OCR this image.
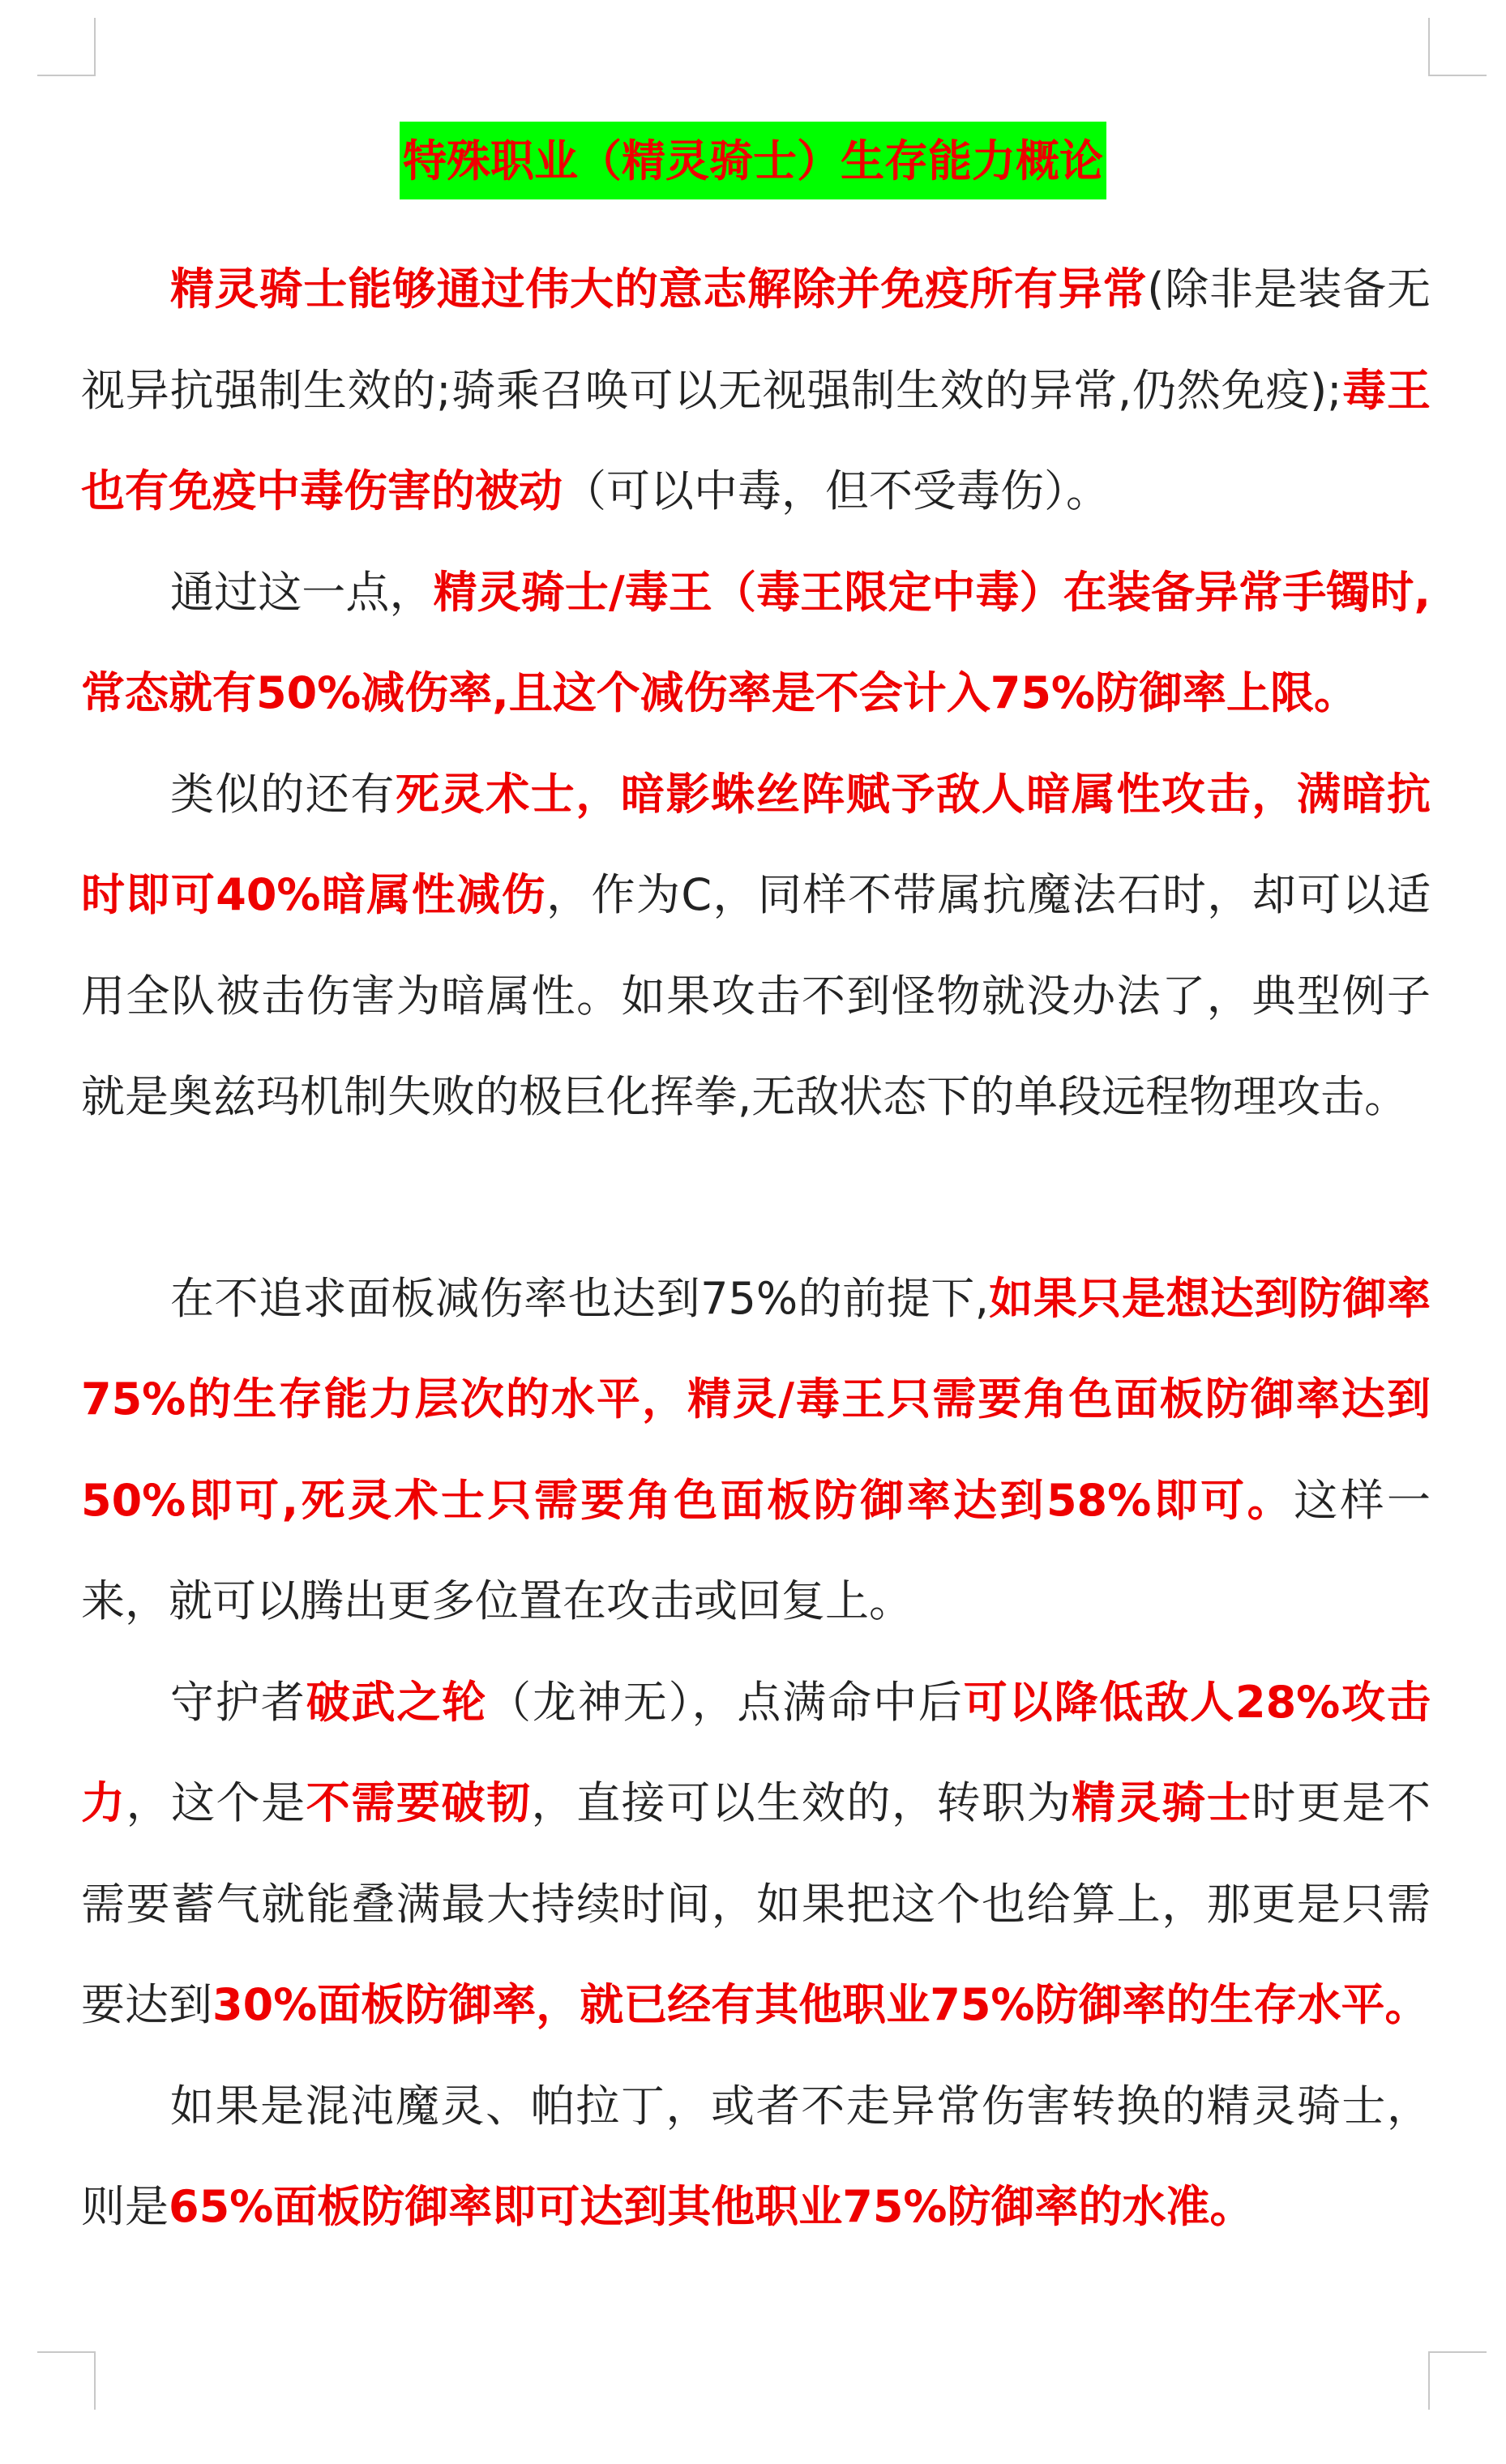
特殊职业（精灵骑士）生存能力概论

精灵骑士能够通过伟大的意志解除并免疫所有异常(除非是装备无视异抗强制生效的;骑乘召唤可以无视强制生效的异常,仍然免疫);毒王也有免疫中毒伤害的被动（可以中毒，但不受毒伤）。

通过这一点，精灵骑士/毒王（毒王限定中毒）在装备异常手镯时,常态就有50%减伤率,且这个减伤率是不会计入75%防御率上限。

类似的还有死灵术士，暗影蛛丝阵赋予敌人暗属性攻击，满暗抗时即可40%暗属性减伤，作为C，同样不带属抗魔法石时，却可以适用全队被击伤害为暗属性。如果攻击不到怪物就没办法了，典型例子就是奥兹玛机制失败的极巨化挥拳,无敌状态下的单段远程物理攻击。

在不追求面板减伤率也达到75%的前提下,如果只是想达到防御率75%的生存能力层次的水平，精灵/毒王只需要角色面板防御率达到50%即可,死灵术士只需要角色面板防御率达到58%即可。这样一来，就可以腾出更多位置在攻击或回复上。

守护者破武之轮（龙神无），点满命中后可以降低敌人28%攻击力，这个是不需要破韧，直接可以生效的，转职为精灵骑士时更是不需要蓄气就能叠满最大持续时间，如果把这个也给算上，那更是只需要达到30%面板防御率，就已经有其他职业75%防御率的生存水平。

如果是混沌魔灵、帕拉丁，或者不走异常伤害转换的精灵骑士，则是65%面板防御率即可达到其他职业75%防御率的水准。
